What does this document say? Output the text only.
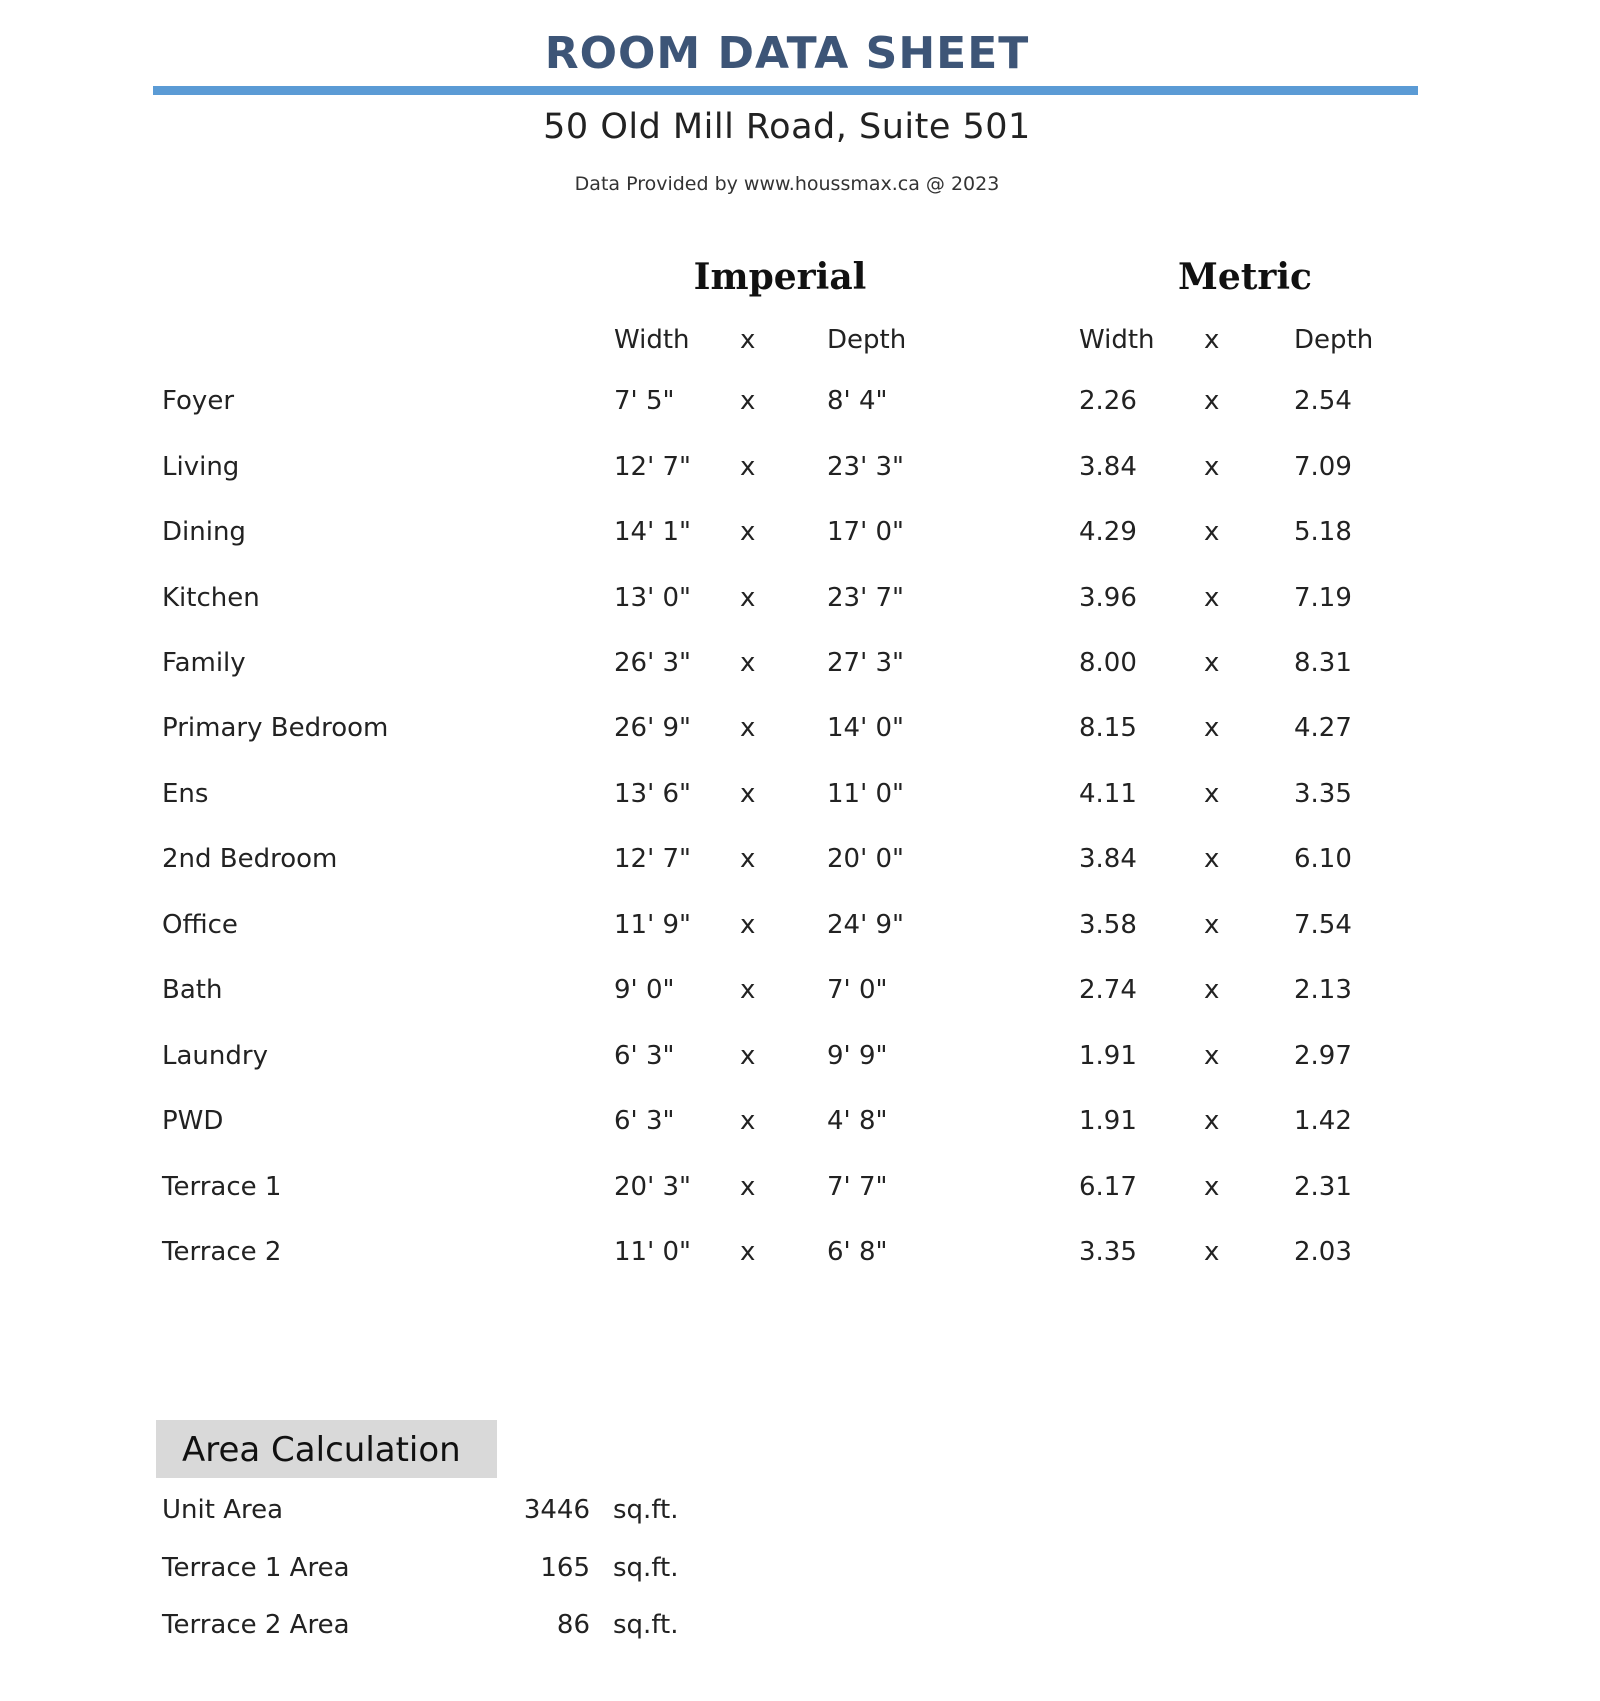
ROOM DATA SHEET
50 Old Mill Road, Suite 501
Data Provided by www.houssmax.ca @ 2023
Imperial	Metric
Width x	Depth	Width x	Depth
Foyer	7' 5"	x	8' 4"	2.26	x	2.54
Living	12' 7" x	23' 3"	3.84	x	7.09
Dining	14' 1" x	17' 0"	4.29	x	5.18
Kitchen	13' 0" x	23' 7"	3.96	x	7.19
Family	26' 3" x	27' 3"	8.00	x	8.31
Primary Bedroom	26' 9" x	14' 0"	8.15	x	4.27
Ens	13' 6" x	11' 0"	4.11	x	3.35
2nd Bedroom	12' 7" x	20' 0"	3.84	x	6.10
Office	11' 9" x	24' 9"	3.58	x	7.54
Bath	9' 0"	x	7' 0"	2.74	x	2.13
Laundry	6' 3"	x	9' 9"	1.91	x	2.97
PWD	6' 3"	x	4' 8"	1.91	x	1.42
Terrace 1	20' 3" x	7' 7"	6.17	x	2.31
Terrace 2	11' 0" x	6' 8"	3.35	x	2.03
Area Calculation
Unit Area	3446 sq.ft.
Terrace 1 Area	165 sq.ft.
Terrace 2 Area	86 sq.ft.
